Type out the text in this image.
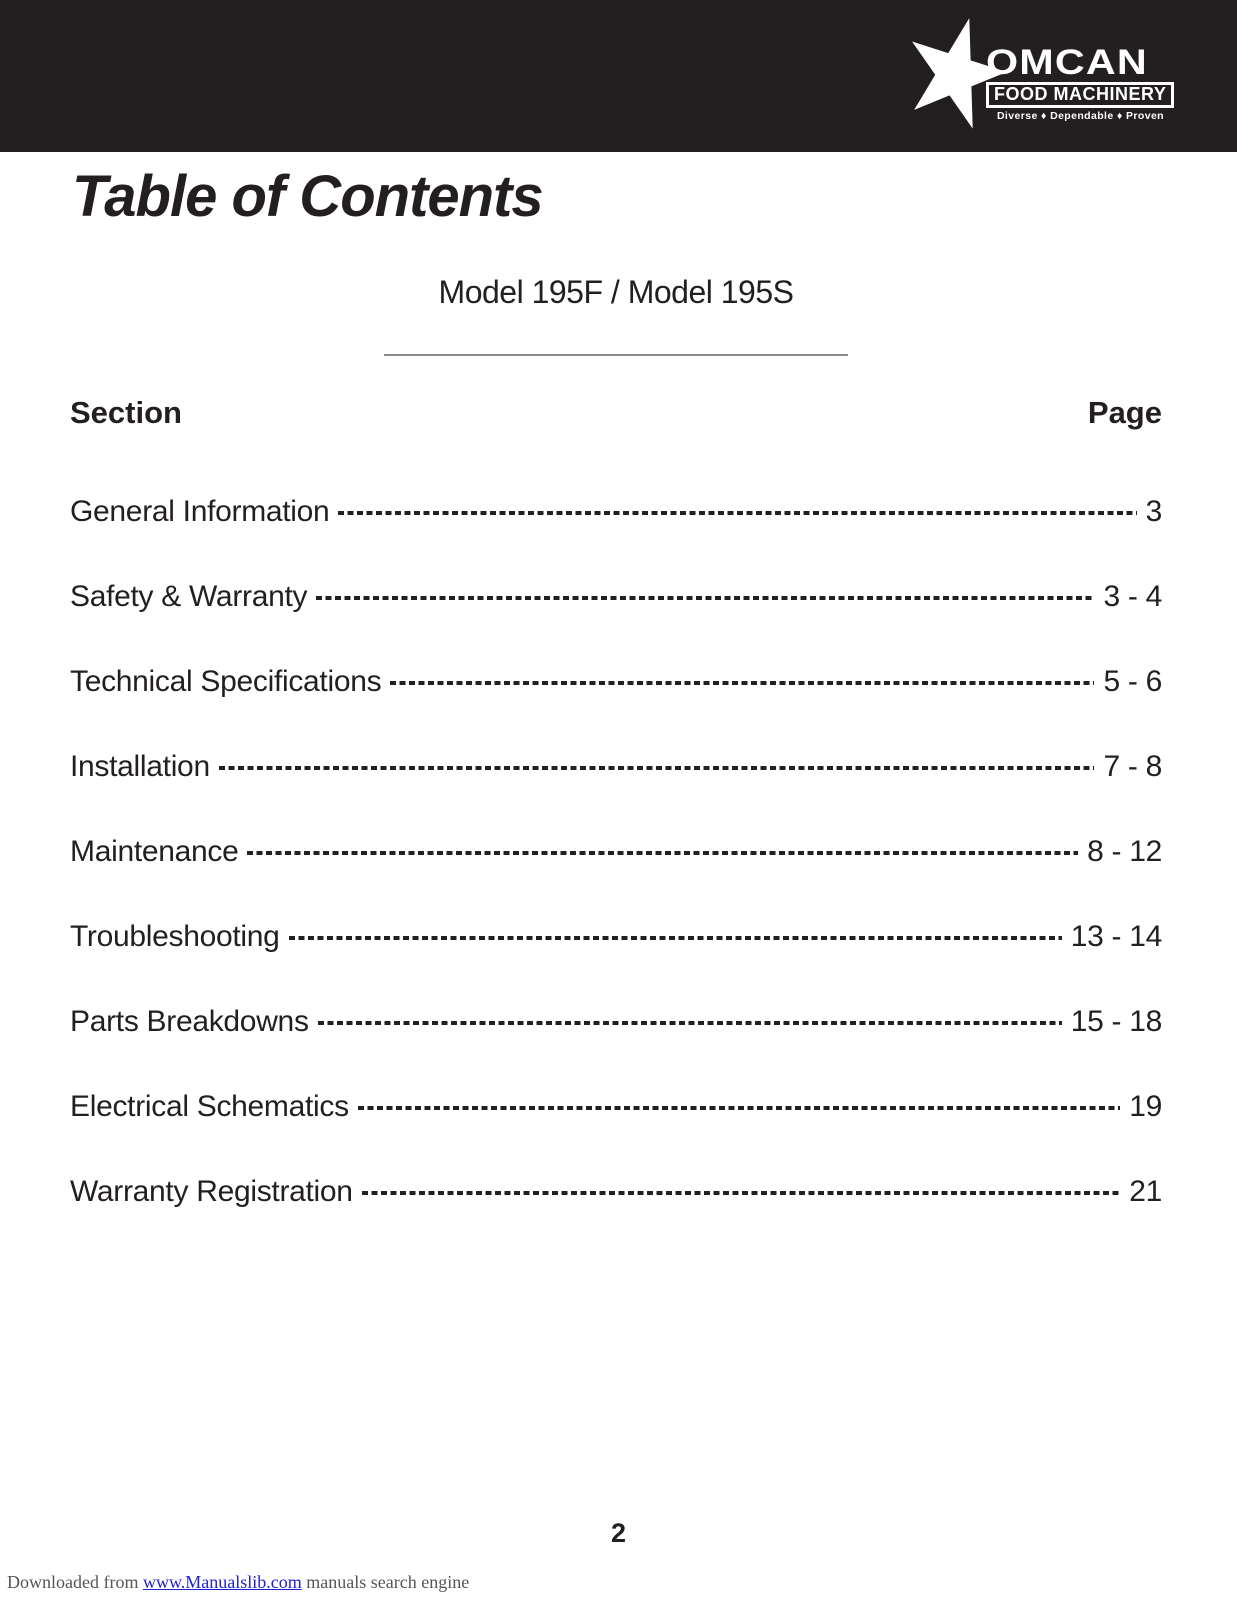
OMCAN
FOOD MACHINERY
Diverse ♦ Dependable ♦ Proven
Table of Contents
Model 195F / Model 195S
Section	Page
General Information	3
Safety & Warranty	3 - 4
Technical Specifications	5 - 6
Installation	7 - 8
Maintenance	8 - 12
Troubleshooting	13 - 14
Parts Breakdowns	15 - 18
Electrical Schematics	19
Warranty Registration	21
2
Downloaded from www.Manualslib.com manuals search engine
